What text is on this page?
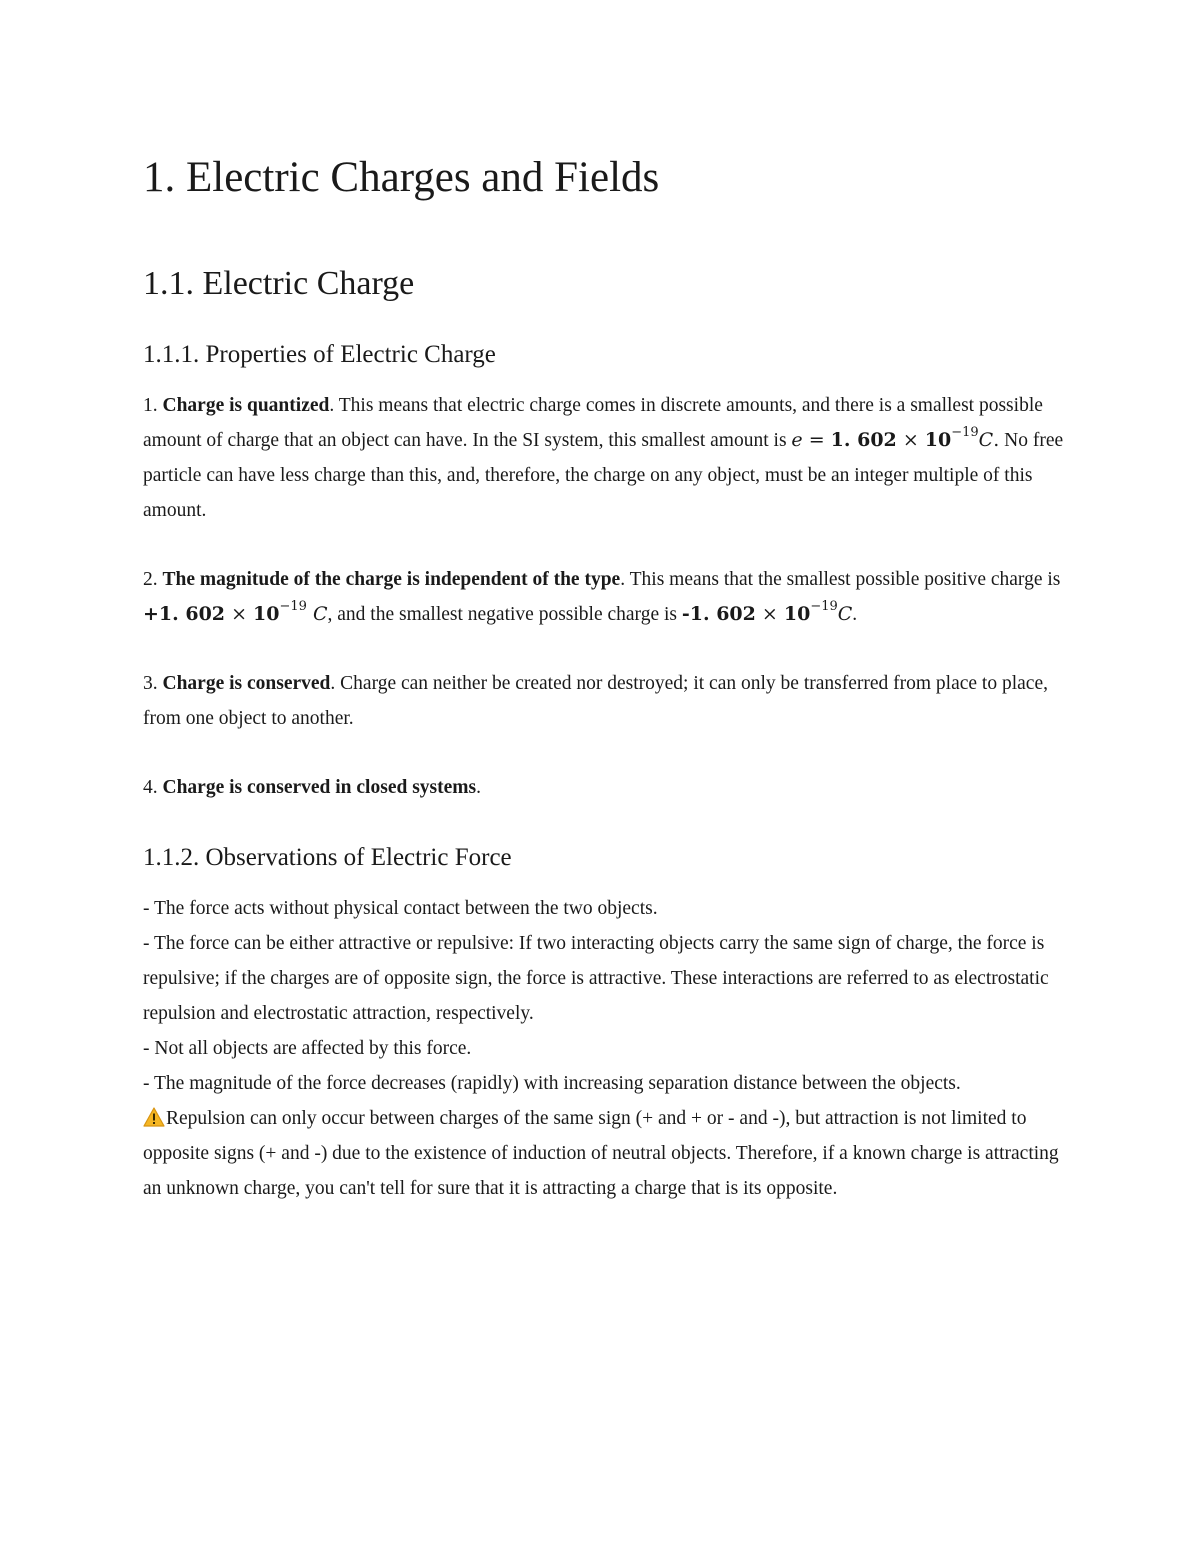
1. Electric Charges and Fields
1.1. Electric Charge
1.1.1. Properties of Electric Charge

1. Charge is quantized. This means that electric charge comes in discrete amounts, and there is a smallest possible amount of charge that an object can have. In the SI system, this smallest amount is e = 1. $602 \times 10^{-19}C$. No free particle can have less charge than this, and, therefore, the charge on any object, must be an integer multiple of this amount.

2. The magnitude of the charge is independent of the type. This means that the smallest possible positive charge is +1. $602 \times 10^{-19}$ C, and the smallest negative possible charge is -1. $602 \times 10^{-19}C$.

3. Charge is conserved. Charge can neither be created nor destroyed; it can only be transferred from place to place, from one object to another.

4. Charge is conserved in closed systems.

1.1.2. Observations of Electric Force

- The force acts without physical contact between the two objects.

- The force can be either attractive or repulsive: If two interacting objects carry the same sign of charge, the force is repulsive; if the charges are of opposite sign, the force is attractive. These interactions are referred to as electrostatic repulsion and electrostatic attraction, respectively.

- Not all objects are affected by this force.

- The magnitude of the force decreases (rapidly) with increasing separation distance between the objects.

Repulsion can only occur between charges of the same sign (+ and + or - and -), but attraction is not limited to opposite signs (+ and -) due to the existence of induction of neutral objects. Therefore, if a known charge is attracting an unknown charge, you can't tell for sure that it is attracting a charge that is its opposite.
